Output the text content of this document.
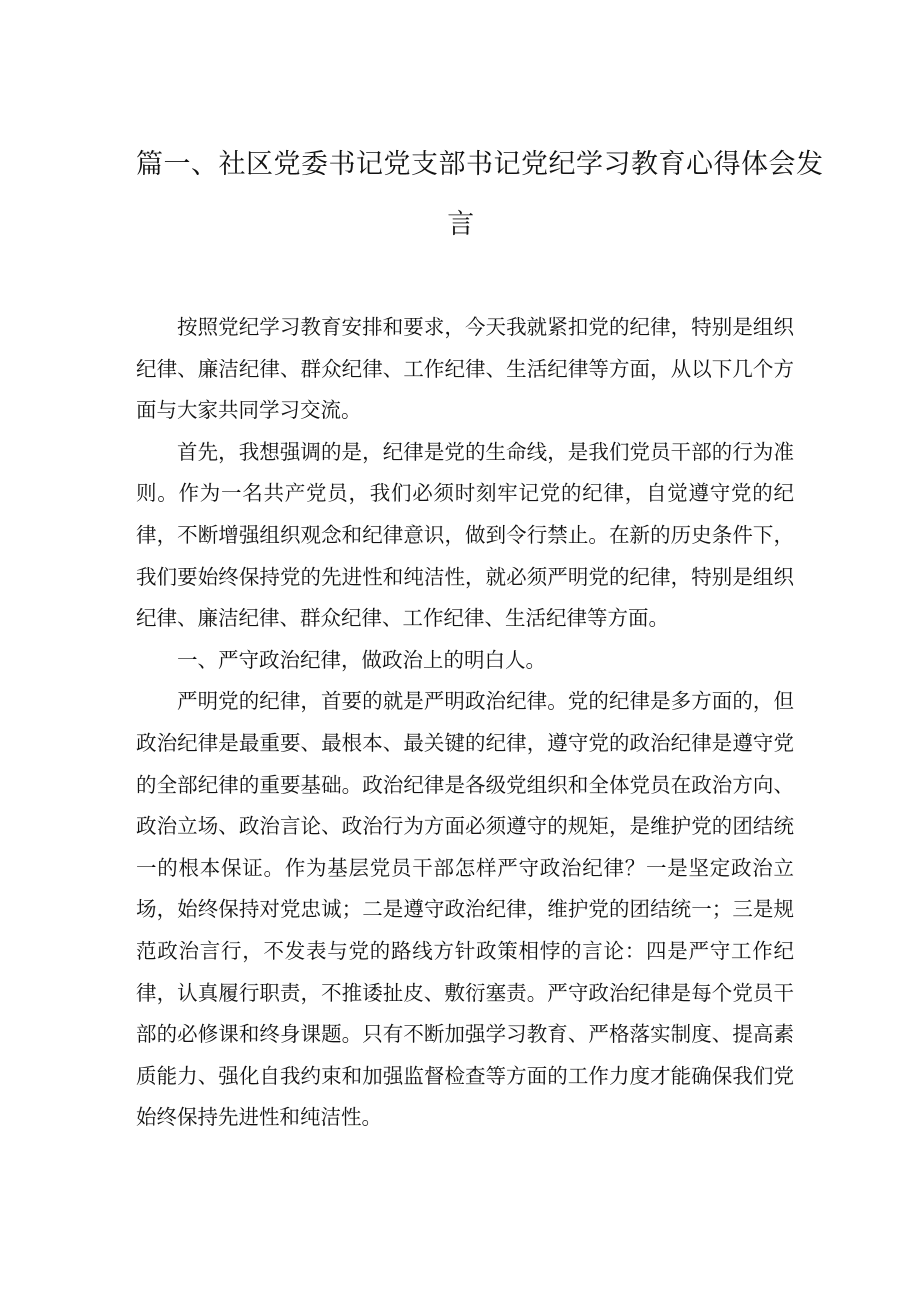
篇一、社区党委书记党支部书记党纪学习教育心得体会发
言

按照党纪学习教育安排和要求，今天我就紧扣党的纪律，特别是组织纪律、廉洁纪律、群众纪律、工作纪律、生活纪律等方面，从以下几个方面与大家共同学习交流。

首先，我想强调的是，纪律是党的生命线，是我们党员干部的行为准则。作为一名共产党员，我们必须时刻牢记党的纪律，自觉遵守党的纪律，不断增强组织观念和纪律意识，做到令行禁止。在新的历史条件下，我们要始终保持党的先进性和纯洁性，就必须严明党的纪律，特别是组织纪律、廉洁纪律、群众纪律、工作纪律、生活纪律等方面。

一、严守政治纪律，做政治上的明白人。

严明党的纪律，首要的就是严明政治纪律。党的纪律是多方面的，但政治纪律是最重要、最根本、最关键的纪律，遵守党的政治纪律是遵守党的全部纪律的重要基础。政治纪律是各级党组织和全体党员在政治方向、政治立场、政治言论、政治行为方面必须遵守的规矩，是维护党的团结统一的根本保证。作为基层党员干部怎样严守政治纪律？一是坚定政治立场，始终保持对党忠诚；二是遵守政治纪律，维护党的团结统一；三是规范政治言行，不发表与党的路线方针政策相悖的言论：四是严守工作纪律，认真履行职责，不推诿扯皮、敷衍塞责。严守政治纪律是每个党员干部的必修课和终身课题。只有不断加强学习教育、严格落实制度、提高素质能力、强化自我约束和加强监督检查等方面的工作力度才能确保我们党始终保持先进性和纯洁性。
